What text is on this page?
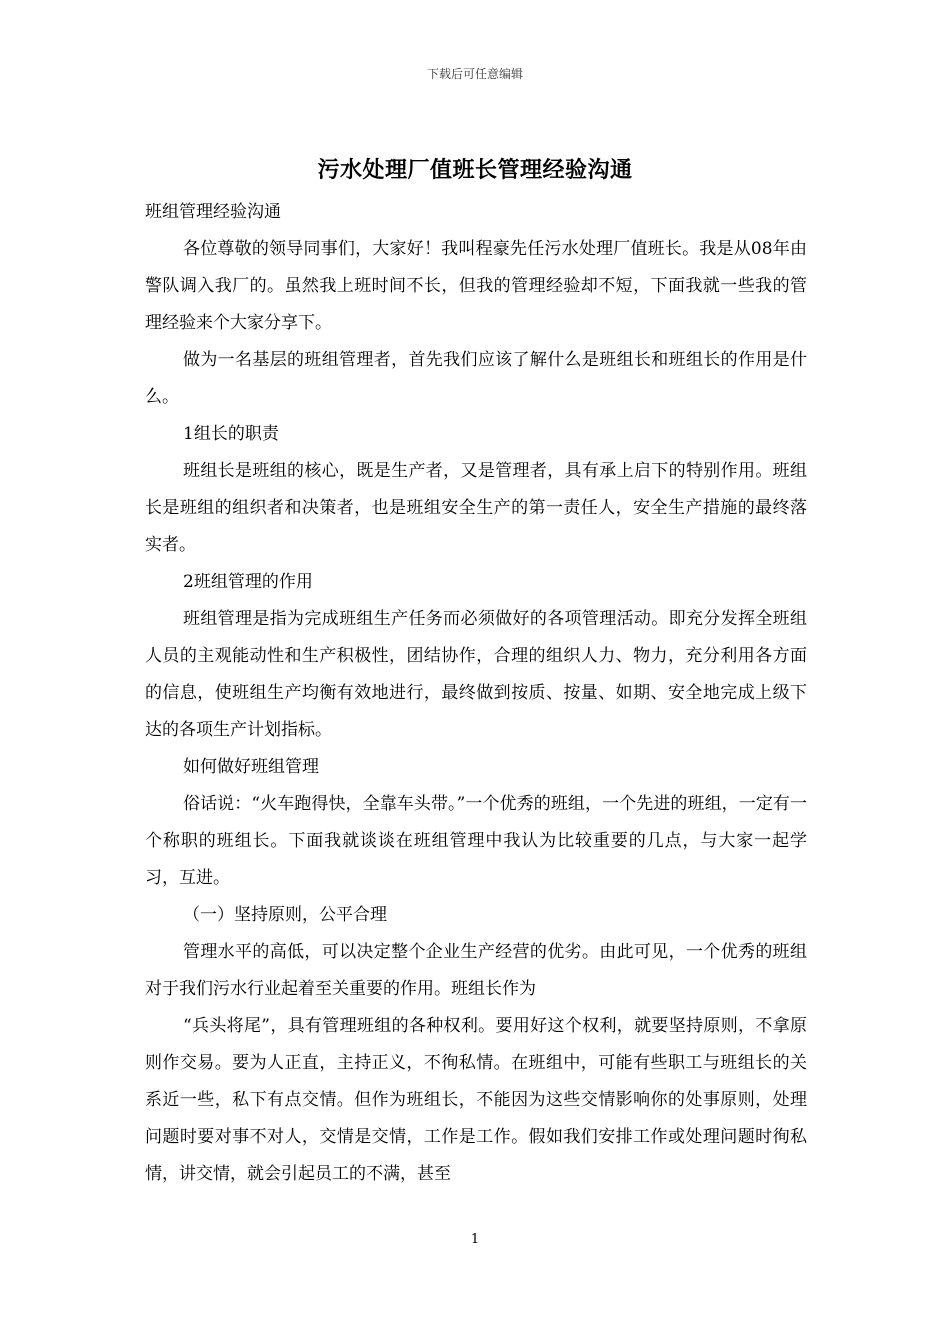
下载后可任意编辑
污水处理厂值班长管理经验沟通

班组管理经验沟通

各位尊敬的领导同事们，大家好！我叫程豪先任污水处理厂值班长。我是从08年由警队调入我厂的。虽然我上班时间不长，但我的管理经验却不短，下面我就一些我的管理经验来个大家分享下。

做为一名基层的班组管理者，首先我们应该了解什么是班组长和班组长的作用是什么。

1组长的职责

班组长是班组的核心，既是生产者，又是管理者，具有承上启下的特别作用。班组长是班组的组织者和决策者，也是班组安全生产的第一责任人，安全生产措施的最终落实者。

2班组管理的作用

班组管理是指为完成班组生产任务而必须做好的各项管理活动。即充分发挥全班组人员的主观能动性和生产积极性，团结协作，合理的组织人力、物力，充分利用各方面的信息，使班组生产均衡有效地进行，最终做到按质、按量、如期、安全地完成上级下达的各项生产计划指标。

如何做好班组管理

俗话说：“火车跑得快，全靠车头带。”一个优秀的班组，一个先进的班组，一定有一个称职的班组长。下面我就谈谈在班组管理中我认为比较重要的几点，与大家一起学习，互进。

（一）坚持原则，公平合理

管理水平的高低，可以决定整个企业生产经营的优劣。由此可见，一个优秀的班组对于我们污水行业起着至关重要的作用。班组长作为

“兵头将尾”，具有管理班组的各种权利。要用好这个权利，就要坚持原则，不拿原则作交易。要为人正直，主持正义，不徇私情。在班组中，可能有些职工与班组长的关系近一些，私下有点交情。但作为班组长，不能因为这些交情影响你的处事原则，处理问题时要对事不对人，交情是交情，工作是工作。假如我们安排工作或处理问题时徇私情，讲交情，就会引起员工的不满，甚至

1
